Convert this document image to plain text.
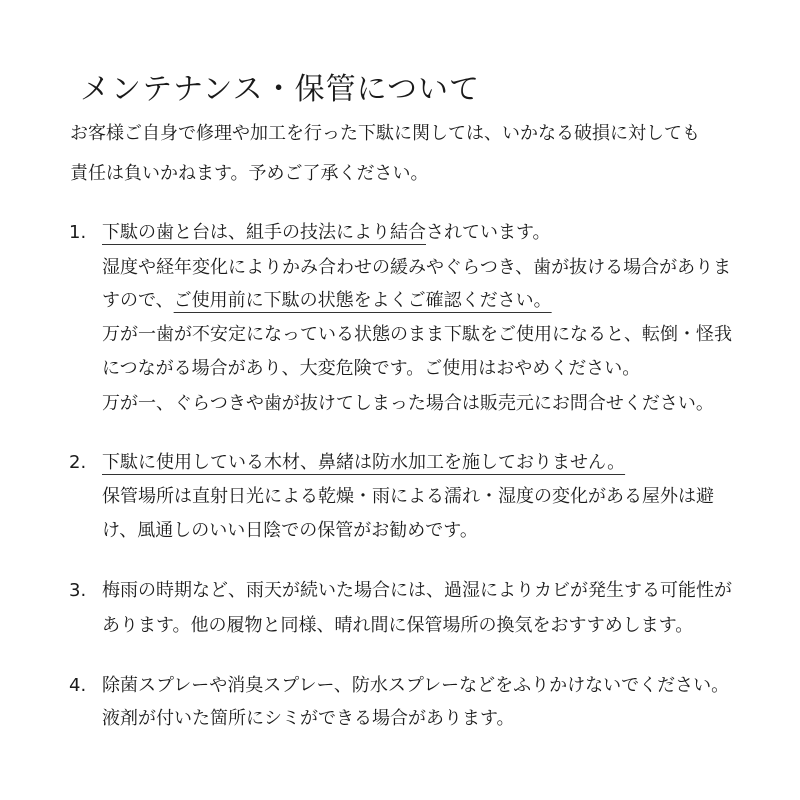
メンテナンス・保管について
お客様ご自身で修理や加工を行った下駄に関しては、いかなる破損に対しても
責任は負いかねます。予めご了承ください。
1. 下駄の歯と台は、組手の技法により結合されています。
湿度や経年変化によりかみ合わせの緩みやぐらつき、歯が抜ける場合がありま
すので、ご使用前に下駄の状態をよくご確認ください。
万が一歯が不安定になっている状態のまま下駄をご使用になると、転倒・怪我
につながる場合があり、大変危険です。ご使用はおやめください。
万が一、ぐらつきや歯が抜けてしまった場合は販売元にお問合せください。
2. 下駄に使用している木材、鼻緒は防水加工を施しておりません。
保管場所は直射日光による乾燥・雨による濡れ・湿度の変化がある屋外は避
け、風通しのいい日陰での保管がお勧めです。
3. 梅雨の時期など、雨天が続いた場合には、過湿によりカビが発生する可能性が
あります。他の履物と同様、晴れ間に保管場所の換気をおすすめします。
4. 除菌スプレーや消臭スプレー、防水スプレーなどをふりかけないでください。
液剤が付いた箇所にシミができる場合があります。
